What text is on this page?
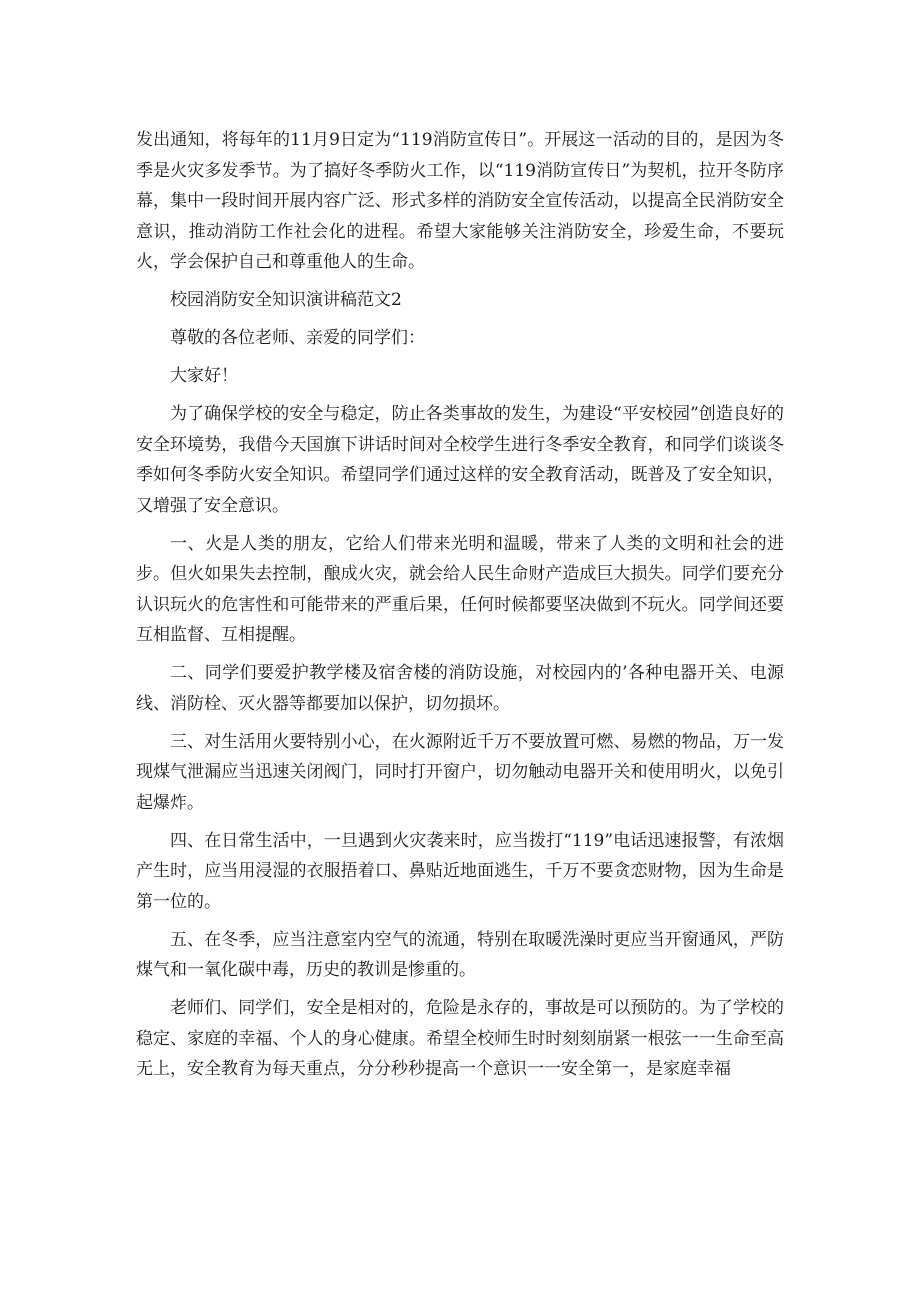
发出通知，将每年的11月9日定为“119消防宣传日”。开展这一活动的目的，是因为冬季是火灾多发季节。为了搞好冬季防火工作，以“119消防宣传日”为契机，拉开冬防序幕，集中一段时间开展内容广泛、形式多样的消防安全宣传活动，以提高全民消防安全意识，推动消防工作社会化的进程。希望大家能够关注消防安全，珍爱生命，不要玩火，学会保护自己和尊重他人的生命。

校园消防安全知识演讲稿范文2

尊敬的各位老师、亲爱的同学们：

大家好！

为了确保学校的安全与稳定，防止各类事故的发生，为建设“平安校园”创造良好的安全环境势，我借今天国旗下讲话时间对全校学生进行冬季安全教育，和同学们谈谈冬季如何冬季防火安全知识。希望同学们通过这样的安全教育活动，既普及了安全知识，又增强了安全意识。

一、火是人类的朋友，它给人们带来光明和温暖，带来了人类的文明和社会的进步。但火如果失去控制，酿成火灾，就会给人民生命财产造成巨大损失。同学们要充分认识玩火的危害性和可能带来的严重后果，任何时候都要坚决做到不玩火。同学间还要互相监督、互相提醒。

二、同学们要爱护教学楼及宿舍楼的消防设施，对校园内的’各种电器开关、电源线、消防栓、灭火器等都要加以保护，切勿损坏。

三、对生活用火要特别小心，在火源附近千万不要放置可燃、易燃的物品，万一发现煤气泄漏应当迅速关闭阀门，同时打开窗户，切勿触动电器开关和使用明火，以免引起爆炸。

四、在日常生活中，一旦遇到火灾袭来时，应当拨打“119”电话迅速报警，有浓烟产生时，应当用浸湿的衣服捂着口、鼻贴近地面逃生，千万不要贪恋财物，因为生命是第一位的。

五、在冬季，应当注意室内空气的流通，特别在取暖洗澡时更应当开窗通风，严防煤气和一氧化碳中毒，历史的教训是惨重的。

老师们、同学们，安全是相对的，危险是永存的，事故是可以预防的。为了学校的稳定、家庭的幸福、个人的身心健康。希望全校师生时时刻刻崩紧一根弦一一生命至高无上，安全教育为每天重点，分分秒秒提高一个意识一一安全第一，是家庭幸福
